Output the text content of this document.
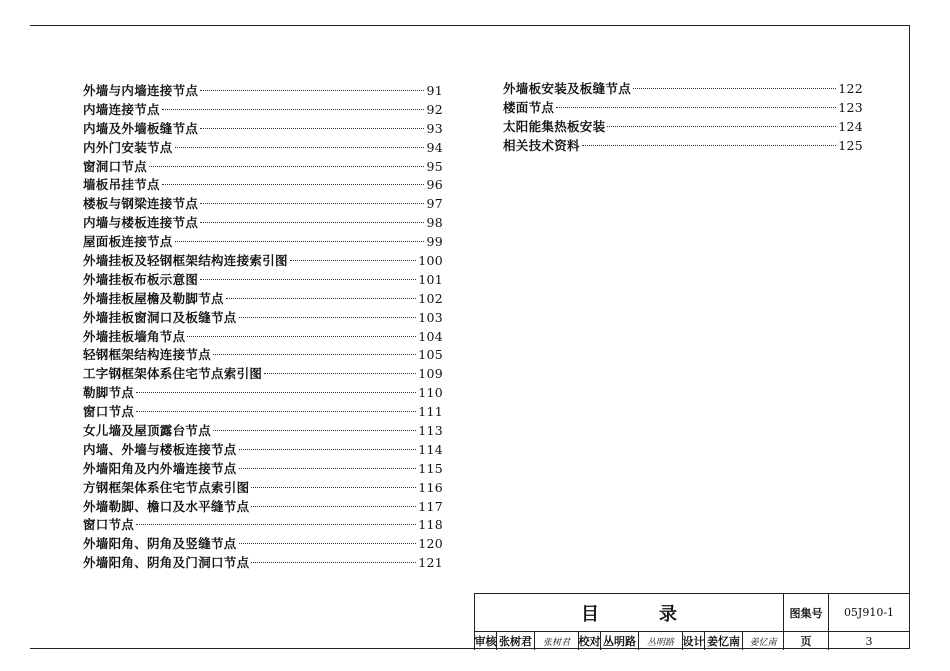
外墙与内墙连接节点	91
内墙连接节点	92
内墙及外墙板缝节点	93
内外门安装节点	94
窗洞口节点	95
墙板吊挂节点	96
楼板与钢梁连接节点	97
内墙与楼板连接节点	98
屋面板连接节点	99
外墙挂板及轻钢框架结构连接索引图	100
外墙挂板布板示意图	101
外墙挂板屋檐及勒脚节点	102
外墙挂板窗洞口及板缝节点	103
外墙挂板墙角节点	104
轻钢框架结构连接节点	105
工字钢框架体系住宅节点索引图	109
勒脚节点	110
窗口节点	111
女儿墙及屋顶露台节点	113
内墙、外墙与楼板连接节点	114
外墙阳角及内外墙连接节点	115
方钢框架体系住宅节点索引图	116
外墙勒脚、檐口及水平缝节点	117
窗口节点	118
外墙阳角、阴角及竖缝节点	120
外墙阳角、阴角及门洞口节点	121
外墙板安装及板缝节点	122
楼面节点	123
太阳能集热板安装	124
相关技术资料	125
目录	图集号	05J910-1
审核 张树君	张树君 校对 丛明路	丛明路 设计 姜忆南	姜忆南	页	3
